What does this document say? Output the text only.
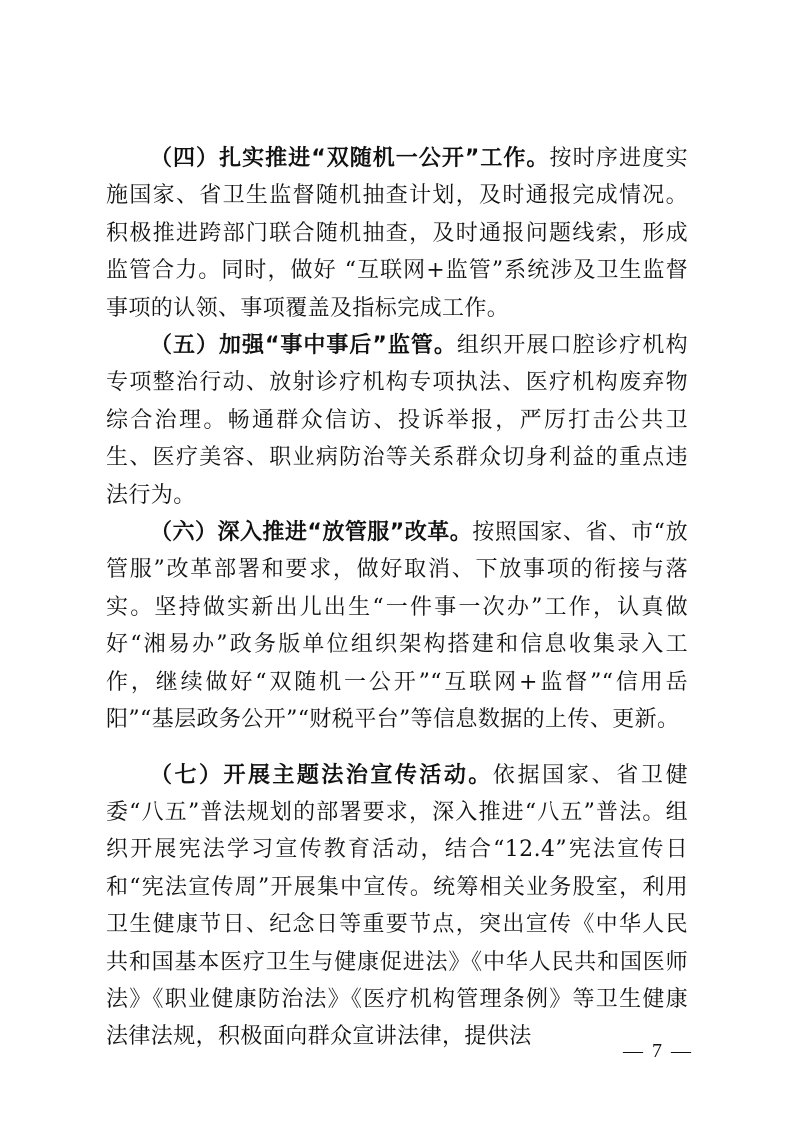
（四）扎实推进“双随机一公开”工作。按时序进度实施国家、省卫生监督随机抽查计划，及时通报完成情况。积极推进跨部门联合随机抽查，及时通报问题线索，形成监管合力。同时，做好 “互联网+监管”系统涉及卫生监督事项的认领、事项覆盖及指标完成工作。

（五）加强“事中事后”监管。组织开展口腔诊疗机构专项整治行动、放射诊疗机构专项执法、医疗机构废弃物综合治理。畅通群众信访、投诉举报，严厉打击公共卫生、医疗美容、职业病防治等关系群众切身利益的重点违法行为。

（六）深入推进“放管服”改革。按照国家、省、市“放管服”改革部署和要求，做好取消、下放事项的衔接与落实。坚持做实新出儿出生“一件事一次办”工作，认真做好“湘易办”政务版单位组织架构搭建和信息收集录入工作，继续做好“双随机一公开”“互联网+监督”“信用岳阳”“基层政务公开”“财税平台”等信息数据的上传、更新。

（七）开展主题法治宣传活动。依据国家、省卫健委“八五”普法规划的部署要求，深入推进“八五”普法。组织开展宪法学习宣传教育活动，结合“12.4”宪法宣传日和“宪法宣传周”开展集中宣传。统筹相关业务股室，利用卫生健康节日、纪念日等重要节点，突出宣传《中华人民共和国基本医疗卫生与健康促进法》《中华人民共和国医师法》《职业健康防治法》《医疗机构管理条例》等卫生健康法律法规，积极面向群众宣讲法律，提供法

— 7 —
